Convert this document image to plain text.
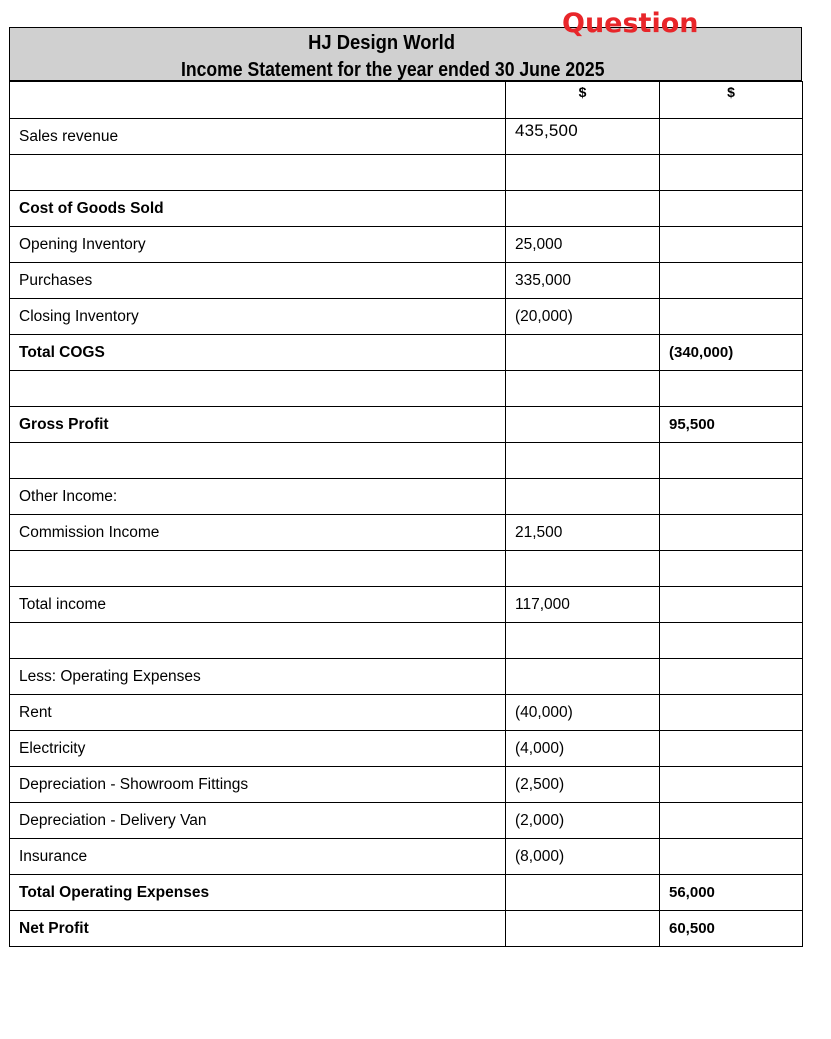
Question
HJ Design World
Income Statement for the year ended 30 June 2025
	$	$
Sales revenue	435,500	

Cost of Goods Sold		
Opening Inventory	25,000	
Purchases	335,000	
Closing Inventory	(20,000)	
Total COGS		(340,000)

Gross Profit		95,500

Other Income:		
Commission Income	21,500	

Total income	117,000	

Less: Operating Expenses		
Rent	(40,000)	
Electricity	(4,000)	
Depreciation - Showroom Fittings	(2,500)	
Depreciation - Delivery Van	(2,000)	
Insurance	(8,000)	
Total Operating Expenses		56,000
Net Profit		60,500
